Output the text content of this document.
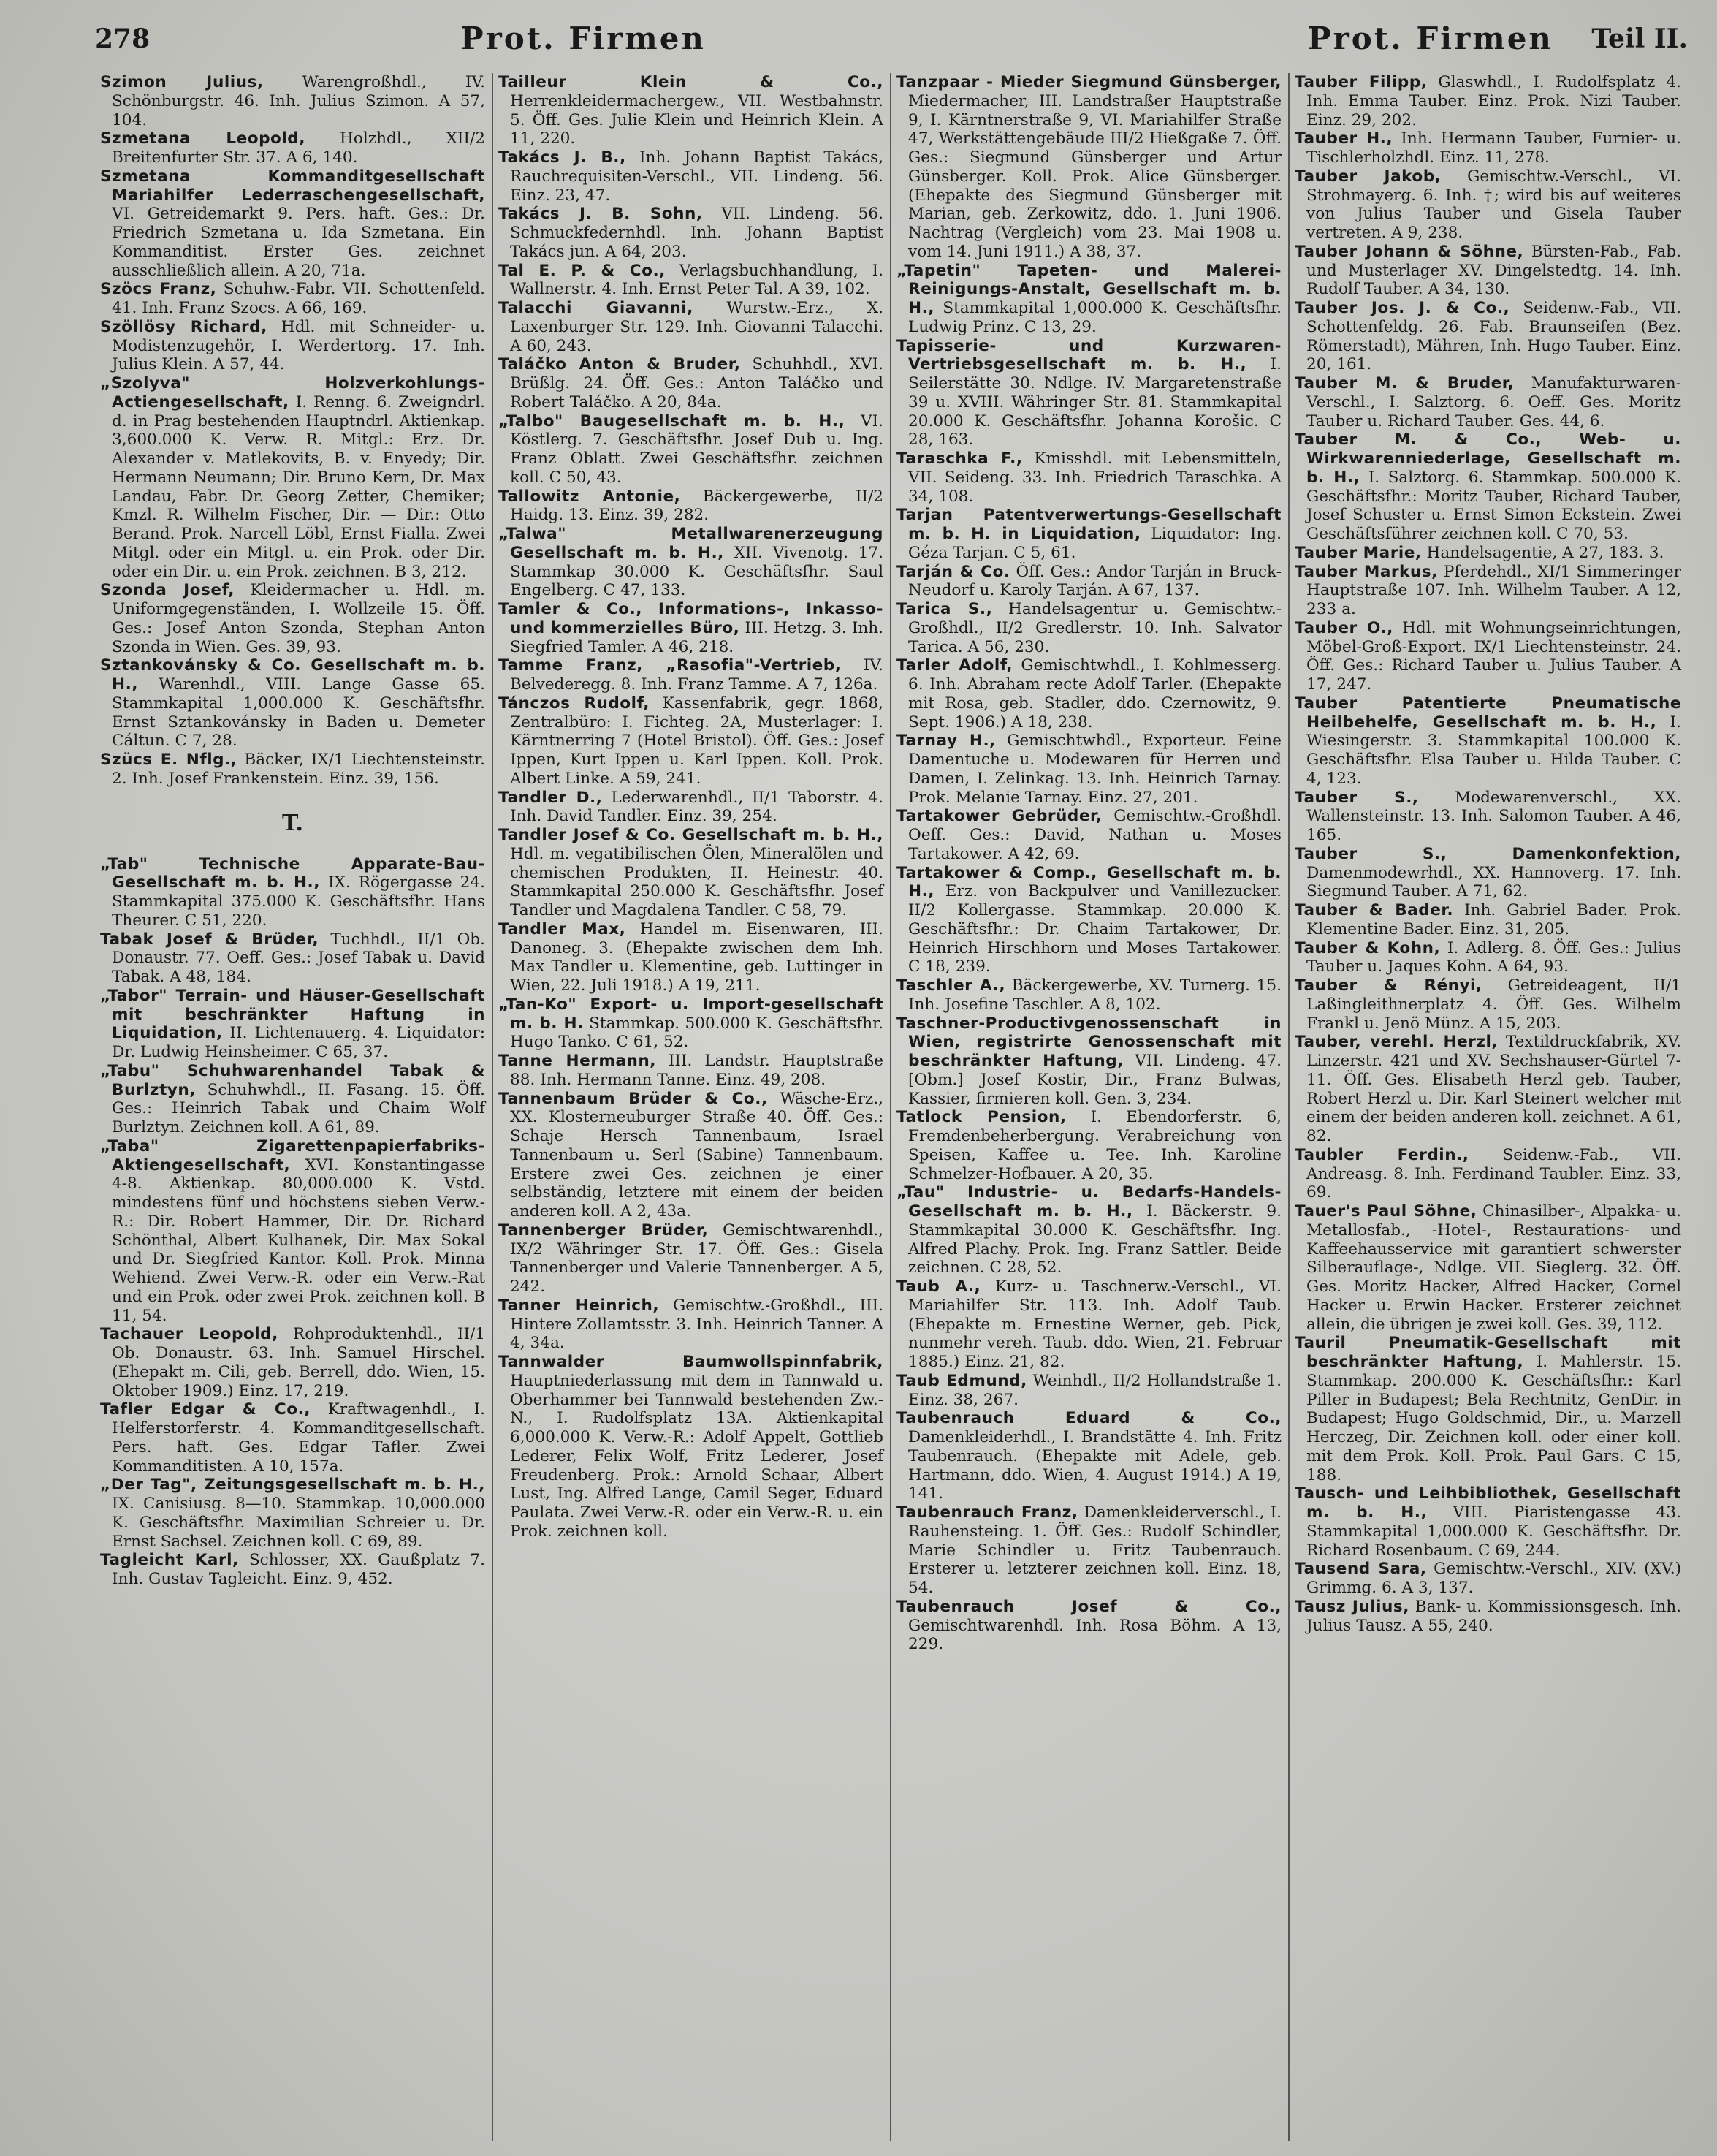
278	Prot. Firmen	Prot. Firmen Teil II.

Szimon Julius, Warengroßhdl., IV. Schönburgstr. 46. Inh. Julius Szimon. A 57, 104.

Szmetana Leopold, Holzhdl., XII/2 Breitenfurter Str. 37. A 6, 140.

Szmetana Kommanditgesellschaft Mariahilfer Lederraschengesellschaft, VI. Getreidemarkt 9. Pers. haft. Ges.: Dr. Friedrich Szmetana u. Ida Szmetana. Ein Kommanditist. Erster Ges. zeichnet ausschließlich allein. A 20, 71a.

Szöcs Franz, Schuhw.-Fabr. VII. Schottenfeld. 41. Inh. Franz Szocs. A 66, 169.

Szöllösy Richard, Hdl. mit Schneider- u. Modistenzugehör, I. Werdertorg. 17. Inh. Julius Klein. A 57, 44.

„Szolyva" Holzverkohlungs-Actiengesellschaft, I. Renng. 6. Zweigndrl. d. in Prag bestehenden Hauptndrl. Aktienkap. 3,600.000 K. Verw. R. Mitgl.: Erz. Dr. Alexander v. Matlekovits, B. v. Enyedy; Dir. Hermann Neumann; Dir. Bruno Kern, Dr. Max Landau, Fabr. Dr. Georg Zetter, Chemiker; Kmzl. R. Wilhelm Fischer, Dir. — Dir.: Otto Berand. Prok. Narcell Löbl, Ernst Fialla. Zwei Mitgl. oder ein Mitgl. u. ein Prok. oder Dir. oder ein Dir. u. ein Prok. zeichnen. B 3, 212.

Szonda Josef, Kleidermacher u. Hdl. m. Uniformgegenständen, I. Wollzeile 15. Öff. Ges.: Josef Anton Szonda, Stephan Anton Szonda in Wien. Ges. 39, 93.

Sztankovánsky & Co. Gesellschaft m. b. H., Warenhdl., VIII. Lange Gasse 65. Stammkapital 1,000.000 K. Geschäftsfhr. Ernst Sztankovánsky in Baden u. Demeter Cáltun. C 7, 28.

Szücs E. Nflg., Bäcker, IX/1 Liechtensteinstr. 2. Inh. Josef Frankenstein. Einz. 39, 156.

T.

„Tab" Technische Apparate-Bau-Gesellschaft m. b. H., IX. Rögergasse 24. Stammkapital 375.000 K. Geschäftsfhr. Hans Theurer. C 51, 220.

Tabak Josef & Brüder, Tuchhdl., II/1 Ob. Donaustr. 77. Oeff. Ges.: Josef Tabak u. David Tabak. A 48, 184.

„Tabor" Terrain- und Häuser-Gesellschaft mit beschränkter Haftung in Liquidation, II. Lichtenauerg. 4. Liquidator: Dr. Ludwig Heinsheimer. C 65, 37.

„Tabu" Schuhwarenhandel Tabak & Burlztyn, Schuhwhdl., II. Fasang. 15. Öff. Ges.: Heinrich Tabak und Chaim Wolf Burlztyn. Zeichnen koll. A 61, 89.

„Taba" Zigarettenpapierfabriks-Aktiengesellschaft, XVI. Konstantingasse 4-8. Aktienkap. 80,000.000 K. Vstd. mindestens fünf und höchstens sieben Verw.-R.: Dir. Robert Hammer, Dir. Dr. Richard Schönthal, Albert Kulhanek, Dir. Max Sokal und Dr. Siegfried Kantor. Koll. Prok. Minna Wehiend. Zwei Verw.-R. oder ein Verw.-Rat und ein Prok. oder zwei Prok. zeichnen koll. B 11, 54.

Tachauer Leopold, Rohproduktenhdl., II/1 Ob. Donaustr. 63. Inh. Samuel Hirschel. (Ehepakt m. Cili, geb. Berrell, ddo. Wien, 15. Oktober 1909.) Einz. 17, 219.

Tafler Edgar & Co., Kraftwagenhdl., I. Helferstorferstr. 4. Kommanditgesellschaft. Pers. haft. Ges. Edgar Tafler. Zwei Kommanditisten. A 10, 157a.

„Der Tag", Zeitungsgesellschaft m. b. H., IX. Canisiusg. 8—10. Stammkap. 10,000.000 K. Geschäftsfhr. Maximilian Schreier u. Dr. Ernst Sachsel. Zeichnen koll. C 69, 89.

Tagleicht Karl, Schlosser, XX. Gaußplatz 7. Inh. Gustav Tagleicht. Einz. 9, 452.

Tailleur Klein & Co., Herrenkleidermachergew., VII. Westbahnstr. 5. Öff. Ges. Julie Klein und Heinrich Klein. A 11, 220.

Takács J. B., Inh. Johann Baptist Takács, Rauchrequisiten-Verschl., VII. Lindeng. 56. Einz. 23, 47.

Takács J. B. Sohn, VII. Lindeng. 56. Schmuckfedernhdl. Inh. Johann Baptist Takács jun. A 64, 203.

Tal E. P. & Co., Verlagsbuchhandlung, I. Wallnerstr. 4. Inh. Ernst Peter Tal. A 39, 102.

Talacchi Giavanni, Wurstw.-Erz., X. Laxenburger Str. 129. Inh. Giovanni Talacchi. A 60, 243.

Taláčko Anton & Bruder, Schuhhdl., XVI. Brüßlg. 24. Öff. Ges.: Anton Taláčko und Robert Taláčko. A 20, 84a.

„Talbo" Baugesellschaft m. b. H., VI. Köstlerg. 7. Geschäftsfhr. Josef Dub u. Ing. Franz Oblatt. Zwei Geschäftsfhr. zeichnen koll. C 50, 43.

Tallowitz Antonie, Bäckergewerbe, II/2 Haidg. 13. Einz. 39, 282.

„Talwa" Metallwarenerzeugung Gesellschaft m. b. H., XII. Vivenotg. 17. Stammkap 30.000 K. Geschäftsfhr. Saul Engelberg. C 47, 133.

Tamler & Co., Informations-, Inkasso- und kommerzielles Büro, III. Hetzg. 3. Inh. Siegfried Tamler. A 46, 218.

Tamme Franz, „Rasofia"-Vertrieb, IV. Belvederegg. 8. Inh. Franz Tamme. A 7, 126a.

Tánczos Rudolf, Kassenfabrik, gegr. 1868, Zentralbüro: I. Fichteg. 2A, Musterlager: I. Kärntnerring 7 (Hotel Bristol). Öff. Ges.: Josef Ippen, Kurt Ippen u. Karl Ippen. Koll. Prok. Albert Linke. A 59, 241.

Tandler D., Lederwarenhdl., II/1 Taborstr. 4. Inh. David Tandler. Einz. 39, 254.

Tandler Josef & Co. Gesellschaft m. b. H., Hdl. m. vegatibilischen Ölen, Mineralölen und chemischen Produkten, II. Heinestr. 40. Stammkapital 250.000 K. Geschäftsfhr. Josef Tandler und Magdalena Tandler. C 58, 79.

Tandler Max, Handel m. Eisenwaren, III. Danoneg. 3. (Ehepakte zwischen dem Inh. Max Tandler u. Klementine, geb. Luttinger in Wien, 22. Juli 1918.) A 19, 211.

„Tan-Ko" Export- u. Import-gesellschaft m. b. H. Stammkap. 500.000 K. Geschäftsfhr. Hugo Tanko. C 61, 52.

Tanne Hermann, III. Landstr. Hauptstraße 88. Inh. Hermann Tanne. Einz. 49, 208.

Tannenbaum Brüder & Co., Wäsche-Erz., XX. Klosterneuburger Straße 40. Öff. Ges.: Schaje Hersch Tannenbaum, Israel Tannenbaum u. Serl (Sabine) Tannenbaum. Erstere zwei Ges. zeichnen je einer selbständig, letztere mit einem der beiden anderen koll. A 2, 43a.

Tannenberger Brüder, Gemischtwarenhdl., IX/2 Währinger Str. 17. Öff. Ges.: Gisela Tannenberger und Valerie Tannenberger. A 5, 242.

Tanner Heinrich, Gemischtw.-Großhdl., III. Hintere Zollamtsstr. 3. Inh. Heinrich Tanner. A 4, 34a.

Tannwalder Baumwollspinnfabrik, Hauptniederlassung mit dem in Tannwald u. Oberhammer bei Tannwald bestehenden Zw.-N., I. Rudolfsplatz 13A. Aktienkapital 6,000.000 K. Verw.-R.: Adolf Appelt, Gottlieb Lederer, Felix Wolf, Fritz Lederer, Josef Freudenberg. Prok.: Arnold Schaar, Albert Lust, Ing. Alfred Lange, Camil Seger, Eduard Paulata. Zwei Verw.-R. oder ein Verw.-R. u. ein Prok. zeichnen koll.

Tanzpaar - Mieder Siegmund Günsberger, Miedermacher, III. Landstraßer Hauptstraße 9, I. Kärntnerstraße 9, VI. Mariahilfer Straße 47, Werkstättengebäude III/2 Hießgaße 7. Öff. Ges.: Siegmund Günsberger und Artur Günsberger. Koll. Prok. Alice Günsberger. (Ehepakte des Siegmund Günsberger mit Marian, geb. Zerkowitz, ddo. 1. Juni 1906. Nachtrag (Vergleich) vom 23. Mai 1908 u. vom 14. Juni 1911.) A 38, 37.

„Tapetin" Tapeten- und Malerei-Reinigungs-Anstalt, Gesellschaft m. b. H., Stammkapital 1,000.000 K. Geschäftsfhr. Ludwig Prinz. C 13, 29.

Tapisserie- und Kurzwaren-Vertriebsgesellschaft m. b. H., I. Seilerstätte 30. Ndlge. IV. Margaretenstraße 39 u. XVIII. Währinger Str. 81. Stammkapital 20.000 K. Geschäftsfhr. Johanna Korošic. C 28, 163.

Taraschka F., Kmisshdl. mit Lebensmitteln, VII. Seideng. 33. Inh. Friedrich Taraschka. A 34, 108.

Tarjan Patentverwertungs-Gesellschaft m. b. H. in Liquidation, Liquidator: Ing. Géza Tarjan. C 5, 61.

Tarján & Co. Öff. Ges.: Andor Tarján in Bruck-Neudorf u. Karoly Tarján. A 67, 137.

Tarica S., Handelsagentur u. Gemischtw.-Großhdl., II/2 Gredlerstr. 10. Inh. Salvator Tarica. A 56, 230.

Tarler Adolf, Gemischtwhdl., I. Kohlmesserg. 6. Inh. Abraham recte Adolf Tarler. (Ehepakte mit Rosa, geb. Stadler, ddo. Czernowitz, 9. Sept. 1906.) A 18, 238.

Tarnay H., Gemischtwhdl., Exporteur. Feine Damentuche u. Modewaren für Herren und Damen, I. Zelinkag. 13. Inh. Heinrich Tarnay. Prok. Melanie Tarnay. Einz. 27, 201.

Tartakower Gebrüder, Gemischtw.-Großhdl. Oeff. Ges.: David, Nathan u. Moses Tartakower. A 42, 69.

Tartakower & Comp., Gesellschaft m. b. H., Erz. von Backpulver und Vanillezucker. II/2 Kollergasse. Stammkap. 20.000 K. Geschäftsfhr.: Dr. Chaim Tartakower, Dr. Heinrich Hirschhorn und Moses Tartakower. C 18, 239.

Taschler A., Bäckergewerbe, XV. Turnerg. 15. Inh. Josefine Taschler. A 8, 102.

Taschner-Productivgenossenschaft in Wien, registrirte Genossenschaft mit beschränkter Haftung, VII. Lindeng. 47. [Obm.] Josef Kostir, Dir., Franz Bulwas, Kassier, firmieren koll. Gen. 3, 234.

Tatlock Pension, I. Ebendorferstr. 6, Fremdenbeherbergung. Verabreichung von Speisen, Kaffee u. Tee. Inh. Karoline Schmelzer-Hofbauer. A 20, 35.

„Tau" Industrie- u. Bedarfs-Handels-Gesellschaft m. b. H., I. Bäckerstr. 9. Stammkapital 30.000 K. Geschäftsfhr. Ing. Alfred Plachy. Prok. Ing. Franz Sattler. Beide zeichnen. C 28, 52.

Taub A., Kurz- u. Taschnerw.-Verschl., VI. Mariahilfer Str. 113. Inh. Adolf Taub. (Ehepakte m. Ernestine Werner, geb. Pick, nunmehr vereh. Taub. ddo. Wien, 21. Februar 1885.) Einz. 21, 82.

Taub Edmund, Weinhdl., II/2 Hollandstraße 1. Einz. 38, 267.

Taubenrauch Eduard & Co., Damenkleiderhdl., I. Brandstätte 4. Inh. Fritz Taubenrauch. (Ehepakte mit Adele, geb. Hartmann, ddo. Wien, 4. August 1914.) A 19, 141.

Taubenrauch Franz, Damenkleiderverschl., I. Rauhensteing. 1. Öff. Ges.: Rudolf Schindler, Marie Schindler u. Fritz Taubenrauch. Ersterer u. letzterer zeichnen koll. Einz. 18, 54.

Taubenrauch Josef & Co., Gemischtwarenhdl. Inh. Rosa Böhm. A 13, 229.

Tauber Filipp, Glaswhdl., I. Rudolfsplatz 4. Inh. Emma Tauber. Einz. Prok. Nizi Tauber. Einz. 29, 202.

Tauber H., Inh. Hermann Tauber, Furnier- u. Tischlerholzhdl. Einz. 11, 278.

Tauber Jakob, Gemischtw.-Verschl., VI. Strohmayerg. 6. Inh. †; wird bis auf weiteres von Julius Tauber und Gisela Tauber vertreten. A 9, 238.

Tauber Johann & Söhne, Bürsten-Fab., Fab. und Musterlager XV. Dingelstedtg. 14. Inh. Rudolf Tauber. A 34, 130.

Tauber Jos. J. & Co., Seidenw.-Fab., VII. Schottenfeldg. 26. Fab. Braunseifen (Bez. Römerstadt), Mähren, Inh. Hugo Tauber. Einz. 20, 161.

Tauber M. & Bruder, Manufakturwaren-Verschl., I. Salztorg. 6. Oeff. Ges. Moritz Tauber u. Richard Tauber. Ges. 44, 6.

Tauber M. & Co., Web- u. Wirkwarenniederlage, Gesellschaft m. b. H., I. Salztorg. 6. Stammkap. 500.000 K. Geschäftsfhr.: Moritz Tauber, Richard Tauber, Josef Schuster u. Ernst Simon Eckstein. Zwei Geschäftsführer zeichnen koll. C 70, 53.

Tauber Marie, Handelsagentie, A 27, 183. 3.

Tauber Markus, Pferdehdl., XI/1 Simmeringer Hauptstraße 107. Inh. Wilhelm Tauber. A 12, 233 a.

Tauber O., Hdl. mit Wohnungseinrichtungen, Möbel-Groß-Export. IX/1 Liechtensteinstr. 24. Öff. Ges.: Richard Tauber u. Julius Tauber. A 17, 247.

Tauber Patentierte Pneumatische Heilbehelfe, Gesellschaft m. b. H., I. Wiesingerstr. 3. Stammkapital 100.000 K. Geschäftsfhr. Elsa Tauber u. Hilda Tauber. C 4, 123.

Tauber S., Modewarenverschl., XX. Wallensteinstr. 13. Inh. Salomon Tauber. A 46, 165.

Tauber S., Damenkonfektion, Damenmodewrhdl., XX. Hannoverg. 17. Inh. Siegmund Tauber. A 71, 62.

Tauber & Bader. Inh. Gabriel Bader. Prok. Klementine Bader. Einz. 31, 205.

Tauber & Kohn, I. Adlerg. 8. Öff. Ges.: Julius Tauber u. Jaques Kohn. A 64, 93.

Tauber & Rényi, Getreideagent, II/1 Laßingleithnerplatz 4. Öff. Ges. Wilhelm Frankl u. Jenö Münz. A 15, 203.

Tauber, verehl. Herzl, Textildruckfabrik, XV. Linzerstr. 421 und XV. Sechshauser-Gürtel 7-11. Öff. Ges. Elisabeth Herzl geb. Tauber, Robert Herzl u. Dir. Karl Steinert welcher mit einem der beiden anderen koll. zeichnet. A 61, 82.

Taubler Ferdin., Seidenw.-Fab., VII. Andreasg. 8. Inh. Ferdinand Taubler. Einz. 33, 69.

Tauer's Paul Söhne, Chinasilber-, Alpakka- u. Metallosfab., -Hotel-, Restaurations- und Kaffeehausservice mit garantiert schwerster Silberauflage-, Ndlge. VII. Sieglerg. 32. Öff. Ges. Moritz Hacker, Alfred Hacker, Cornel Hacker u. Erwin Hacker. Ersterer zeichnet allein, die übrigen je zwei koll. Ges. 39, 112.

Tauril Pneumatik-Gesellschaft mit beschränkter Haftung, I. Mahlerstr. 15. Stammkap. 200.000 K. Geschäftsfhr.: Karl Piller in Budapest; Bela Rechtnitz, GenDir. in Budapest; Hugo Goldschmid, Dir., u. Marzell Herczeg, Dir. Zeichnen koll. oder einer koll. mit dem Prok. Koll. Prok. Paul Gars. C 15, 188.

Tausch- und Leihbibliothek, Gesellschaft m. b. H., VIII. Piaristengasse 43. Stammkapital 1,000.000 K. Geschäftsfhr. Dr. Richard Rosenbaum. C 69, 244.

Tausend Sara, Gemischtw.-Verschl., XIV. (XV.) Grimmg. 6. A 3, 137.

Tausz Julius, Bank- u. Kommissionsgesch. Inh. Julius Tausz. A 55, 240.
